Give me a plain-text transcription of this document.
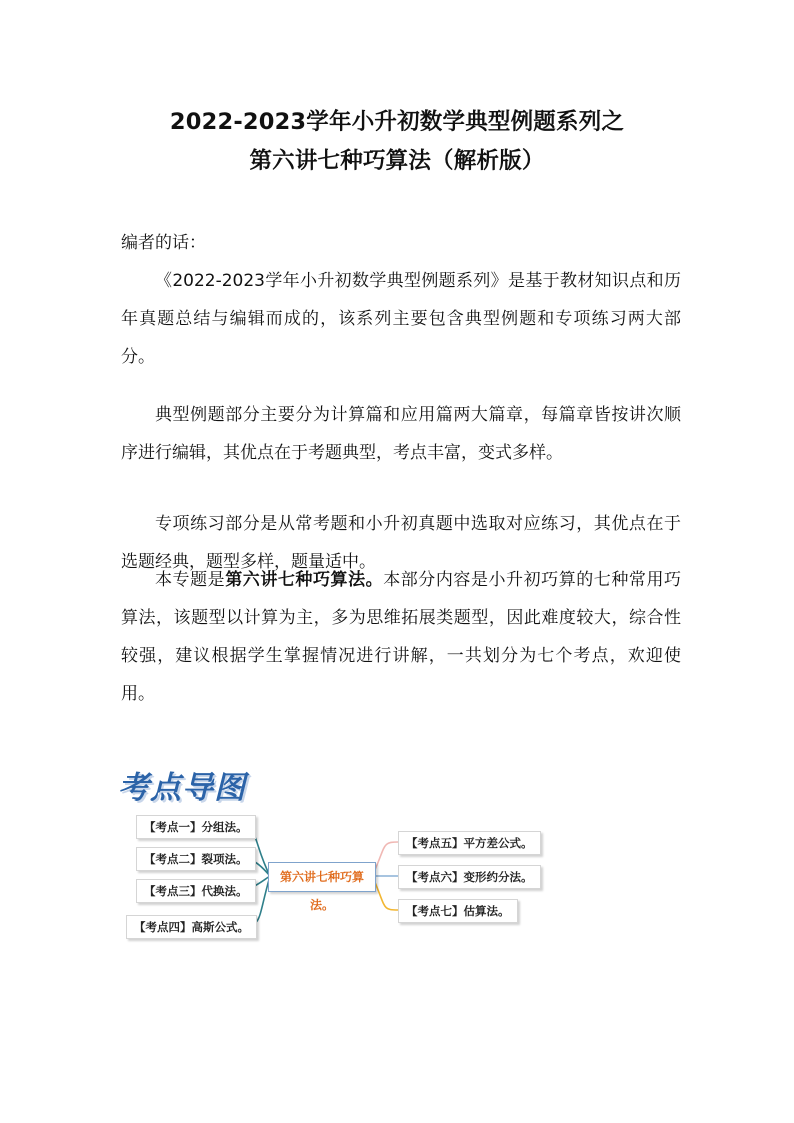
2022-2023学年小升初数学典型例题系列之
第六讲七种巧算法（解析版）
编者的话：
《2022-2023学年小升初数学典型例题系列》是基于教材知识点和历年真题总结与编辑而成的，该系列主要包含典型例题和专项练习两大部分。
典型例题部分主要分为计算篇和应用篇两大篇章，每篇章皆按讲次顺序进行编辑，其优点在于考题典型，考点丰富，变式多样。
专项练习部分是从常考题和小升初真题中选取对应练习，其优点在于选题经典，题型多样，题量适中。
本专题是第六讲七种巧算法。本部分内容是小升初巧算的七种常用巧算法，该题型以计算为主，多为思维拓展类题型，因此难度较大，综合性较强，建议根据学生掌握情况进行讲解，一共划分为七个考点，欢迎使用。
考点导图
【考点一】分组法。
【考点二】裂项法。
【考点三】代换法。
【考点四】高斯公式。
第六讲七种巧算法。
【考点五】平方差公式。
【考点六】变形约分法。
【考点七】估算法。
